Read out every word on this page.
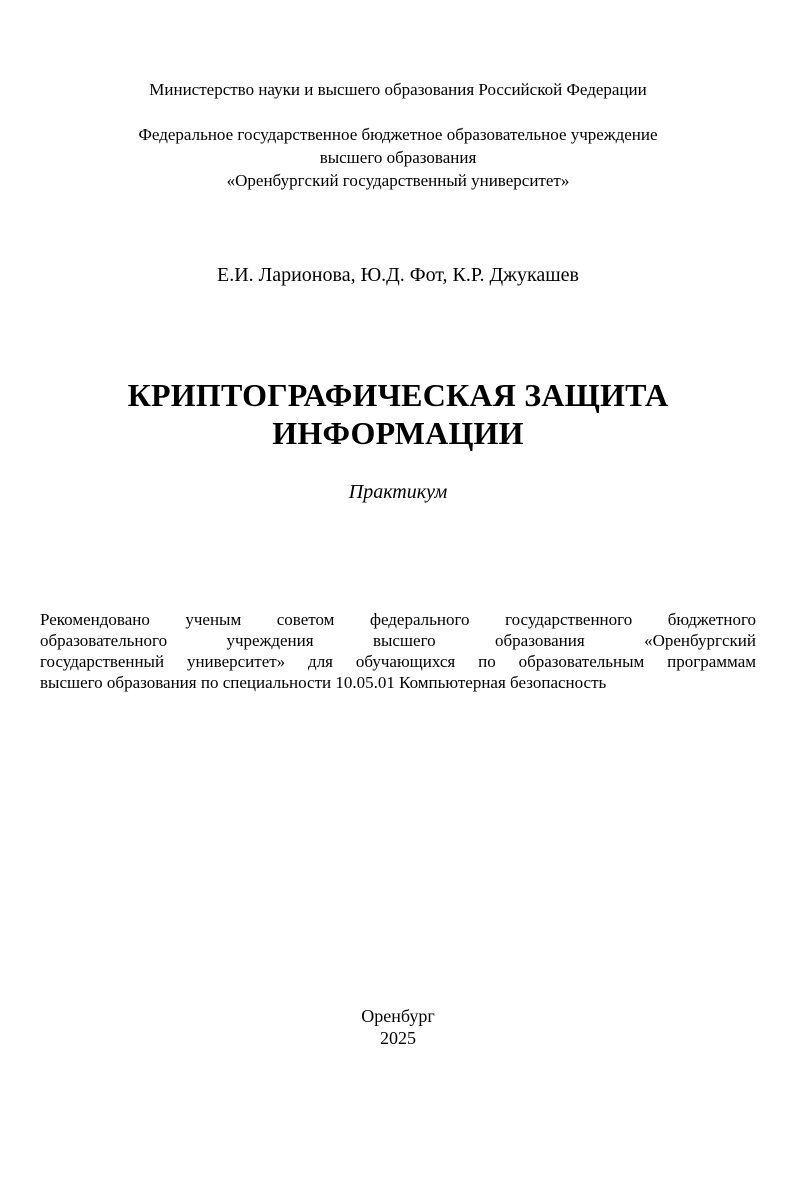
Министерство науки и высшего образования Российской Федерации
Федеральное государственное бюджетное образовательное учреждение
высшего образования
«Оренбургский государственный университет»
Е.И. Ларионова, Ю.Д. Фот, К.Р. Джукашев
КРИПТОГРАФИЧЕСКАЯ ЗАЩИТА
ИНФОРМАЦИИ
Практикум
Рекомендовано ученым советом федерального государственного бюджетного
образовательного учреждения высшего образования «Оренбургский
государственный университет» для обучающихся по образовательным программам
высшего образования по специальности 10.05.01 Компьютерная безопасность
Оренбург
2025
